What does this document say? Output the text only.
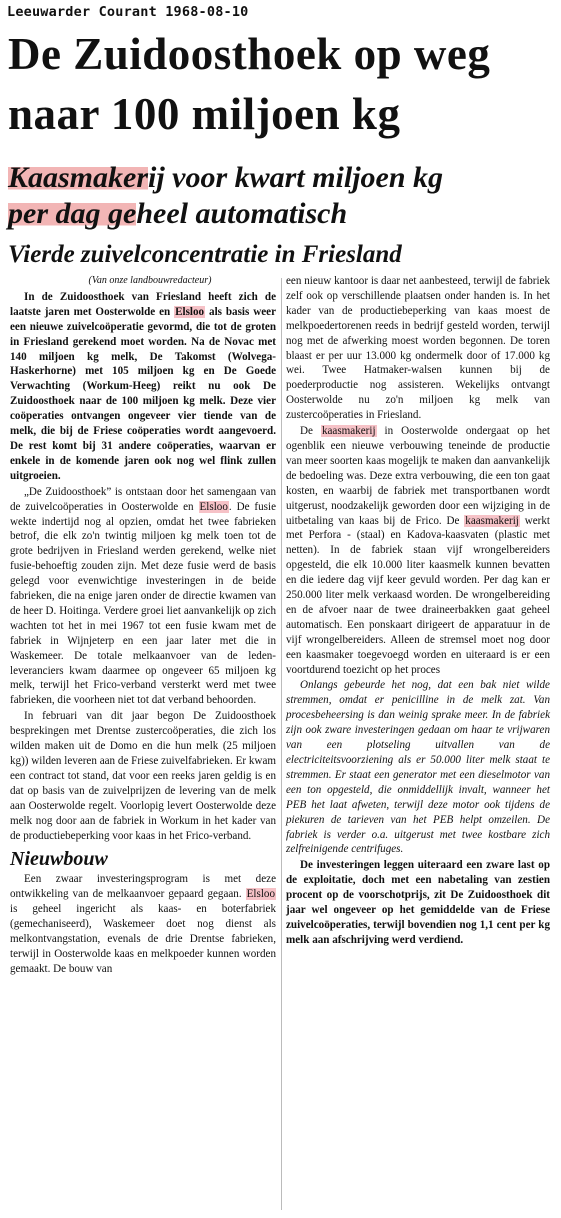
Leeuwarder Courant 1968-08-10
De Zuidoosthoek op weg
naar 100 miljoen kg
Kaasmakerij voor kwart miljoen kg
per dag geheel automatisch
Vierde zuivelconcentratie in Friesland

(Van onze landbouwredacteur)

In de Zuidoosthoek van Friesland heeft zich de laatste jaren met Oosterwolde en Elsloo als basis weer een nieuwe zuivelcoöperatie gevormd, die tot de groten in Friesland gerekend moet worden. Na de Novac met 140 miljoen kg melk, De Takomst (Wolvega-Haskerhorne) met 105 miljoen kg en De Goede Verwachting (Workum-Heeg) reikt nu ook De Zuidoosthoek naar de 100 miljoen kg melk. Deze vier coöperaties ontvangen ongeveer vier tiende van de melk, die bij de Friese coöperaties wordt aangevoerd. De rest komt bij 31 andere coöperaties, waarvan er enkele in de komende jaren ook nog wel flink zullen uitgroeien.

„De Zuidoosthoek” is ontstaan door het samengaan van de zuivelcoöperaties in Oosterwolde en Elsloo. De fusie wekte indertijd nog al opzien, omdat het twee fabrieken betrof, die elk zo'n twintig miljoen kg melk toen tot de grote bedrijven in Friesland werden gerekend, welke niet fusie-behoeftig zouden zijn. Met deze fusie werd de basis gelegd voor evenwichtige investeringen in de beide fabrieken, die na enige jaren onder de directie kwamen van de heer D. Hoitinga. Verdere groei liet aanvankelijk op zich wachten tot het in mei 1967 tot een fusie kwam met de fabriek in Wijnjeterp en een jaar later met die in Waskemeer. De totale melkaanvoer van de leden-leveranciers kwam daarmee op ongeveer 65 miljoen kg melk, terwijl het Frico-verband versterkt werd met twee fabrieken, die voorheen niet tot dat verband behoorden.

In februari van dit jaar begon De Zuidoosthoek besprekingen met Drentse zustercoöperaties, die zich los wilden maken uit de Domo en die hun melk (25 miljoen kg)) wilden leveren aan de Friese zuivelfabrieken. Er kwam een contract tot stand, dat voor een reeks jaren geldig is en dat op basis van de zuivelprijzen de levering van de melk aan Oosterwolde regelt. Voorlopig levert Oosterwolde deze melk nog door aan de fabriek in Workum in het kader van de productiebeperking voor kaas in het Frico-verband.

Nieuwbouw

Een zwaar investeringsprogram is met deze ontwikkeling van de melkaanvoer gepaard gegaan. Elsloo is geheel ingericht als kaas- en boterfabriek (gemechaniseerd), Waskemeer doet nog dienst als melkontvangstation, evenals de drie Drentse fabrieken, terwijl in Oosterwolde kaas en melkpoeder kunnen worden gemaakt. De bouw van

een nieuw kantoor is daar net aanbesteed, terwijl de fabriek zelf ook op verschillende plaatsen onder handen is. In het kader van de productiebeperking van kaas moest de melkpoedertorenen reeds in bedrijf gesteld worden, terwijl nog met de afwerking moest worden begonnen. De toren blaast er per uur 13.000 kg ondermelk door of 17.000 kg wei. Twee Hatmaker-walsen kunnen bij de poederproductie nog assisteren. Wekelijks ontvangt Oosterwolde nu zo'n miljoen kg melk van zustercoöperaties in Friesland.

De kaasmakerij in Oosterwolde ondergaat op het ogenblik een nieuwe verbouwing teneinde de productie van meer soorten kaas mogelijk te maken dan aanvankelijk de bedoeling was. Deze extra verbouwing, die een ton gaat kosten, en waarbij de fabriek met transportbanen wordt uitgerust, noodzakelijk geworden door een wijziging in de uitbetaling van kaas bij de Frico. De kaasmakerij werkt met Perfora - (staal) en Kadova-kaasvaten (plastic met netten). In de fabriek staan vijf wrongelbereiders opgesteld, die elk 10.000 liter kaasmelk kunnen bevatten en die iedere dag vijf keer gevuld worden. Per dag kan er 250.000 liter melk verkaasd worden. De wrongelbereiding en de afvoer naar de twee draineerbakken gaat geheel automatisch. Een ponskaart dirigeert de apparatuur in de vijf wrongelbereiders. Alleen de stremsel moet nog door een kaasmaker toegevoegd worden en uiteraard is er een voortdurend toezicht op het proces

Onlangs gebeurde het nog, dat een bak niet wilde stremmen, omdat er penicilline in de melk zat. Van procesbeheersing is dan weinig sprake meer. In de fabriek zijn ook zware investeringen gedaan om haar te vrijwaren van een plotseling uitvallen van de electriciteitsvoorziening als er 50.000 liter melk staat te stremmen. Er staat een generator met een dieselmotor van een ton opgesteld, die onmiddellijk invalt, wanneer het PEB het laat afweten, terwijl deze motor ook tijdens de piekuren de tarieven van het PEB helpt omzeilen. De fabriek is verder o.a. uitgerust met twee kostbare zich zelfreinigende centrifuges.

De investeringen leggen uiteraard een zware last op de exploitatie, doch met een nabetaling van zestien procent op de voorschotprijs, zit De Zuidoosthoek dit jaar wel ongeveer op het gemiddelde van de Friese zuivelcoöperaties, terwijl bovendien nog 1,1 cent per kg melk aan afschrijving werd verdiend.
